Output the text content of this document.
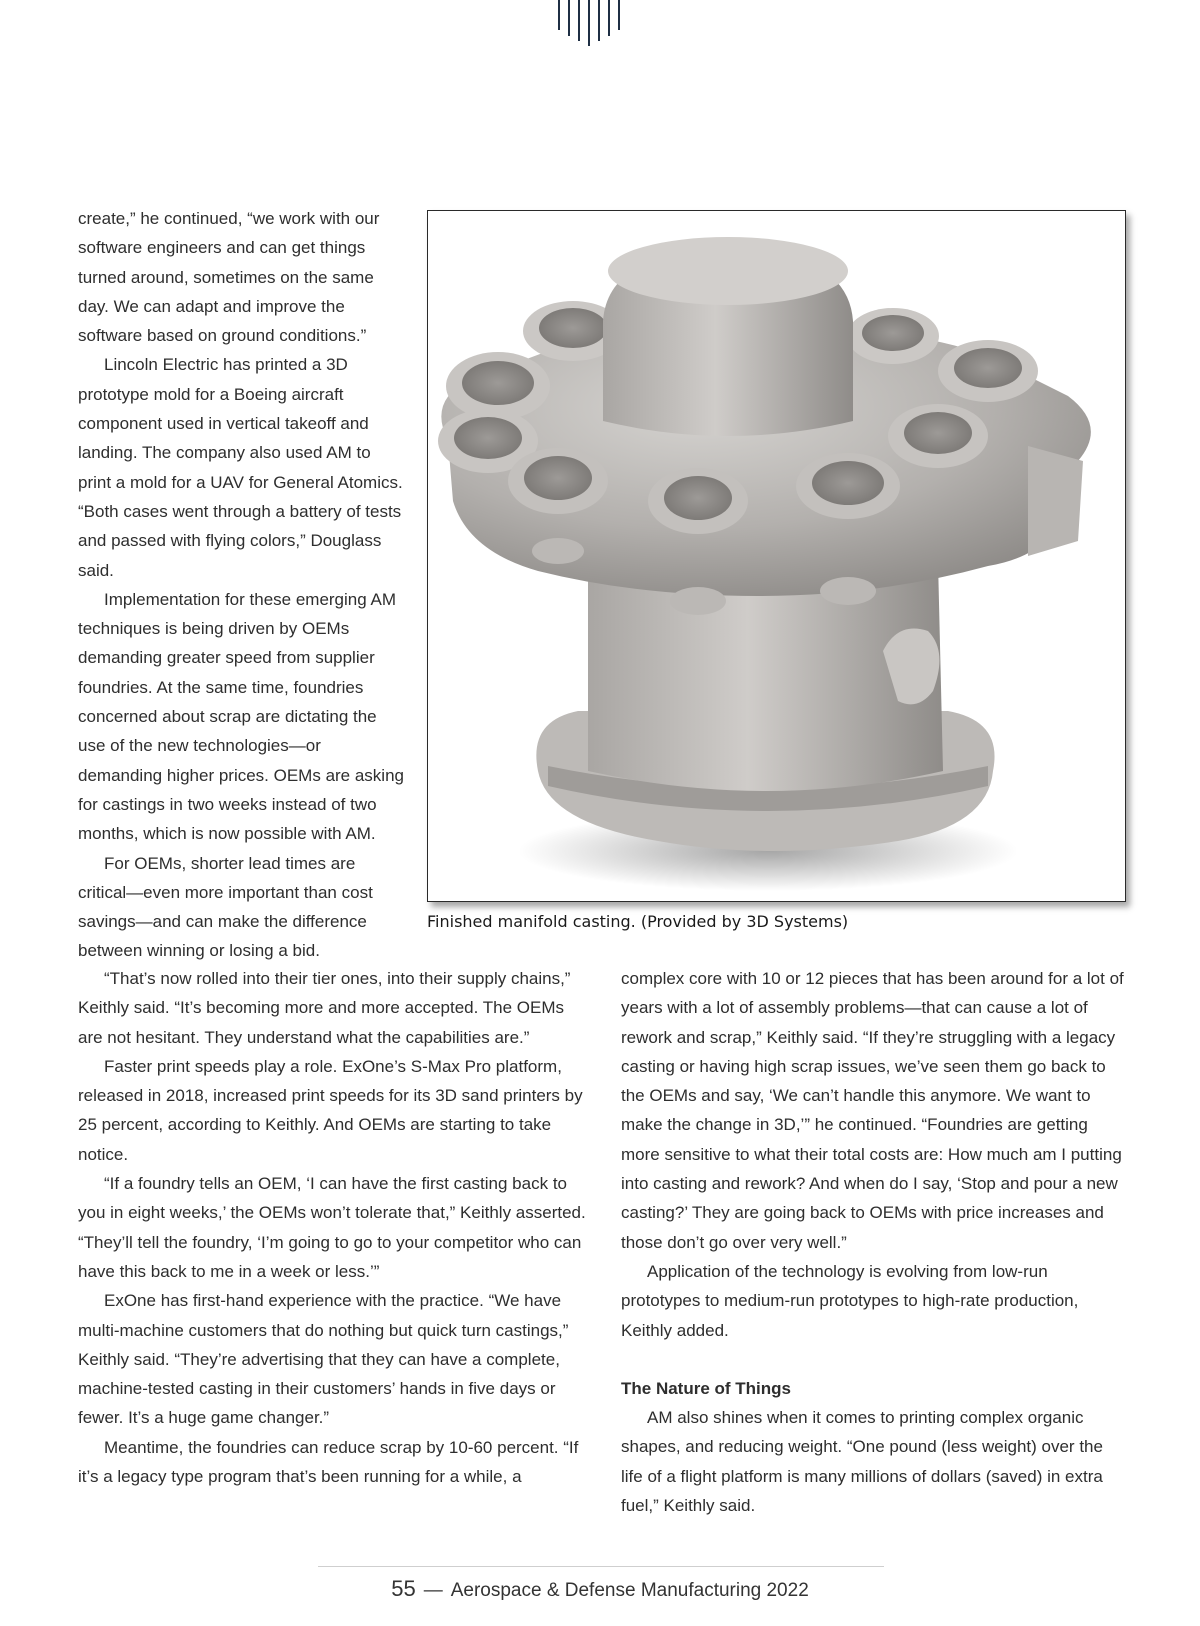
create,” he continued, “we work with our software engineers and can get things turned around, sometimes on the same day. We can adapt and improve the software based on ground conditions.”

Lincoln Electric has printed a 3D prototype mold for a Boeing aircraft component used in vertical takeoff and landing. The company also used AM to print a mold for a UAV for General Atomics. “Both cases went through a battery of tests and passed with flying colors,” Douglass said.

Implementation for these emerging AM techniques is being driven by OEMs demanding greater speed from supplier foundries. At the same time, foundries concerned about scrap are dictating the use of the new technologies—or demanding higher prices. OEMs are asking for castings in two weeks instead of two months, which is now possible with AM.

For OEMs, shorter lead times are critical—even more important than cost savings—and can make the difference between winning or losing a bid.

Finished manifold casting. (Provided by 3D Systems)

“That’s now rolled into their tier ones, into their supply chains,” Keithly said. “It’s becoming more and more accepted. The OEMs are not hesitant. They understand what the capabilities are.”

Faster print speeds play a role. ExOne’s S-Max Pro platform, released in 2018, increased print speeds for its 3D sand printers by 25 percent, according to Keithly. And OEMs are starting to take notice.

“If a foundry tells an OEM, ‘I can have the first casting back to you in eight weeks,’ the OEMs won’t tolerate that,” Keithly asserted. “They’ll tell the foundry, ‘I’m going to go to your competitor who can have this back to me in a week or less.’”

ExOne has first-hand experience with the practice. “We have multi-machine customers that do nothing but quick turn castings,” Keithly said. “They’re advertising that they can have a complete, machine-tested casting in their customers’ hands in five days or fewer. It’s a huge game changer.”

Meantime, the foundries can reduce scrap by 10-60 percent. “If it’s a legacy type program that’s been running for a while, a

complex core with 10 or 12 pieces that has been around for a lot of years with a lot of assembly problems—that can cause a lot of rework and scrap,” Keithly said. “If they’re struggling with a legacy casting or having high scrap issues, we’ve seen them go back to the OEMs and say, ‘We can’t handle this anymore. We want to make the change in 3D,’” he continued. “Foundries are getting more sensitive to what their total costs are: How much am I putting into casting and rework? And when do I say, ‘Stop and pour a new casting?’ They are going back to OEMs with price increases and those don’t go over very well.”

Application of the technology is evolving from low-run prototypes to medium-run prototypes to high-rate production, Keithly added.

The Nature of Things

AM also shines when it comes to printing complex organic shapes, and reducing weight. “One pound (less weight) over the life of a flight platform is many millions of dollars (saved) in extra fuel,” Keithly said.

55 — Aerospace & Defense Manufacturing 2022
